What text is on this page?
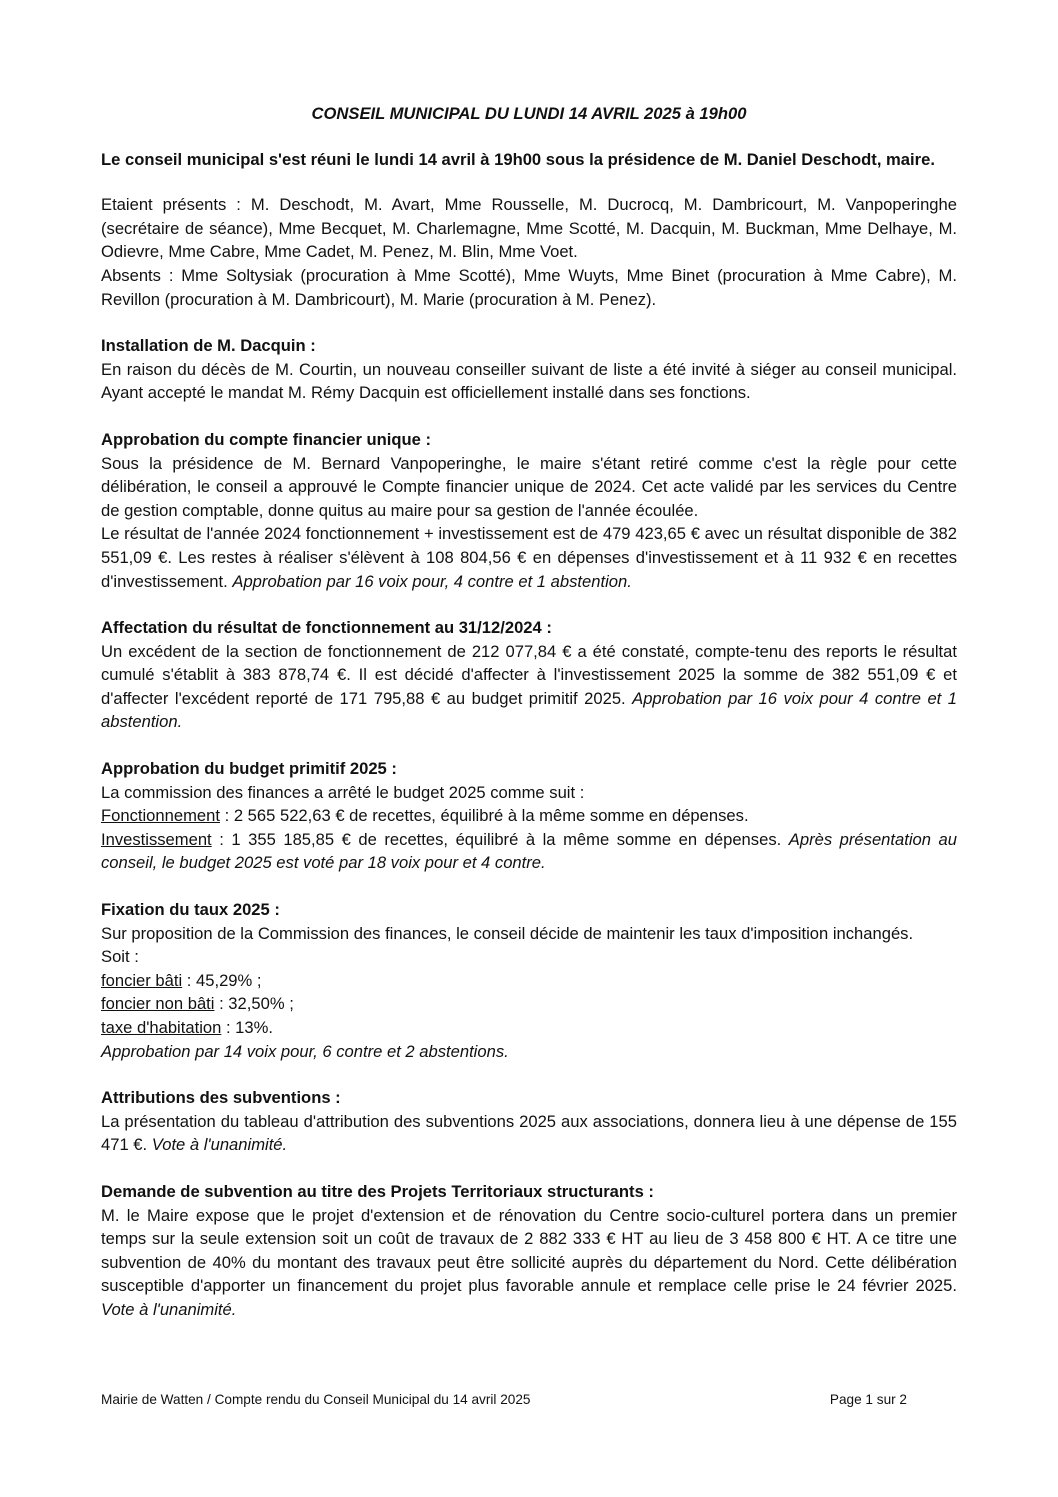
CONSEIL MUNICIPAL DU LUNDI 14 AVRIL 2025 à 19h00
Le conseil municipal s'est réuni le lundi 14 avril à 19h00 sous la présidence de M. Daniel Deschodt, maire.

Etaient présents : M. Deschodt, M. Avart, Mme Rousselle, M. Ducrocq, M. Dambricourt, M. Vanpoperinghe (secrétaire de séance), Mme Becquet, M. Charlemagne, Mme Scotté, M. Dacquin, M. Buckman, Mme Delhaye, M. Odievre, Mme Cabre, Mme Cadet, M. Penez, M. Blin, Mme Voet.

Absents : Mme Soltysiak (procuration à Mme Scotté), Mme Wuyts, Mme Binet (procuration à Mme Cabre), M. Revillon (procuration à M. Dambricourt), M. Marie (procuration à M. Penez).

Installation de M. Dacquin :

En raison du décès de M. Courtin, un nouveau conseiller suivant de liste a été invité à siéger au conseil municipal. Ayant accepté le mandat M. Rémy Dacquin est officiellement installé dans ses fonctions.

Approbation du compte financier unique :

Sous la présidence de M. Bernard Vanpoperinghe, le maire s'étant retiré comme c'est la règle pour cette délibération, le conseil a approuvé le Compte financier unique de 2024. Cet acte validé par les services du Centre de gestion comptable, donne quitus au maire pour sa gestion de l'année écoulée.

Le résultat de l'année 2024 fonctionnement + investissement est de 479 423,65 € avec un résultat disponible de 382 551,09 €. Les restes à réaliser s'élèvent à 108 804,56 € en dépenses d'investissement et à 11 932 € en recettes d'investissement. Approbation par 16 voix pour, 4 contre et 1 abstention.

Affectation du résultat de fonctionnement au 31/12/2024 :

Un excédent de la section de fonctionnement de 212 077,84 € a été constaté, compte-tenu des reports le résultat cumulé s'établit à 383 878,74 €. Il est décidé d'affecter à l'investissement 2025 la somme de 382 551,09 € et d'affecter l'excédent reporté de 171 795,88 € au budget primitif 2025. Approbation par 16 voix pour 4 contre et 1 abstention.

Approbation du budget primitif 2025 :

La commission des finances a arrêté le budget 2025 comme suit :

Fonctionnement : 2 565 522,63 € de recettes, équilibré à la même somme en dépenses.

Investissement : 1 355 185,85 € de recettes, équilibré à la même somme en dépenses. Après présentation au conseil, le budget 2025 est voté par 18 voix pour et 4 contre.

Fixation du taux 2025 :

Sur proposition de la Commission des finances, le conseil décide de maintenir les taux d'imposition inchangés.

Soit :

foncier bâti : 45,29% ;

foncier non bâti : 32,50% ;

taxe d'habitation : 13%.

Approbation par 14 voix pour, 6 contre et 2 abstentions.

Attributions des subventions :

La présentation du tableau d'attribution des subventions 2025 aux associations, donnera lieu à une dépense de 155 471 €. Vote à l'unanimité.

Demande de subvention au titre des Projets Territoriaux structurants :

M. le Maire expose que le projet d'extension et de rénovation du Centre socio-culturel portera dans un premier temps sur la seule extension soit un coût de travaux de 2 882 333 € HT au lieu de 3 458 800 € HT. A ce titre une subvention de 40% du montant des travaux peut être sollicité auprès du département du Nord. Cette délibération susceptible d'apporter un financement du projet plus favorable annule et remplace celle prise le 24 février 2025. Vote à l'unanimité.

Mairie de Watten / Compte rendu du Conseil Municipal du 14 avril 2025	Page 1 sur 2
